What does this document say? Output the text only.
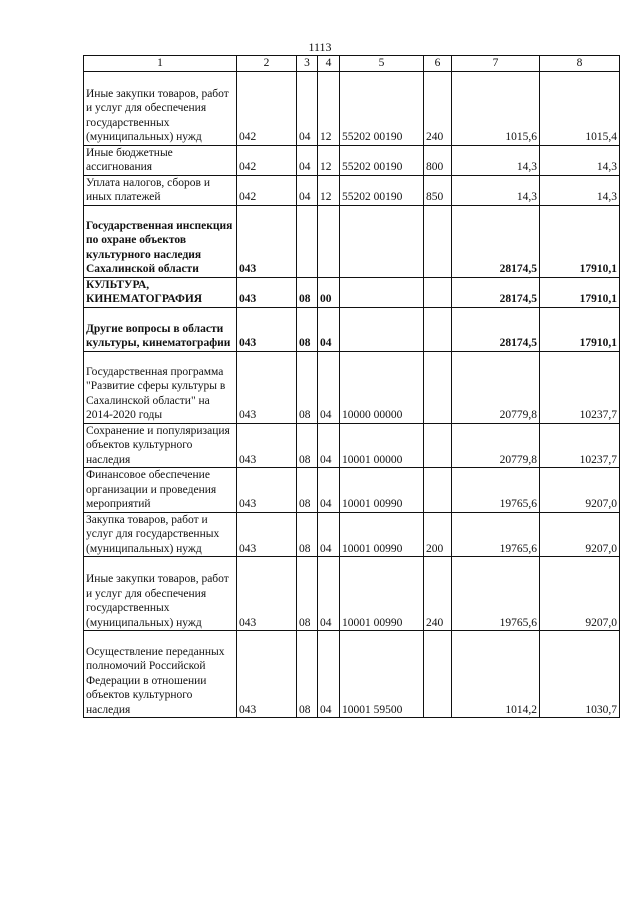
1113
1	2	3	4	5	6	7	8
Иные закупки товаров, работ и услуг для обеспечения государственных (муниципальных) нужд	042	04	12	55202 00190	240	1015,6	1015,4
Иные бюджетные ассигнования	042	04	12	55202 00190	800	14,3	14,3
Уплата налогов, сборов и иных платежей	042	04	12	55202 00190	850	14,3	14,3
Государственная инспекция по охране объектов культурного наследия Сахалинской области	043					28174,5	17910,1
КУЛЬТУРА, КИНЕМАТОГРАФИЯ	043	08	00			28174,5	17910,1
Другие вопросы в области культуры, кинематографии	043	08	04			28174,5	17910,1
Государственная программа "Развитие сферы культуры в Сахалинской области" на 2014-2020 годы	043	08	04	10000 00000		20779,8	10237,7
Сохранение и популяризация объектов культурного наследия	043	08	04	10001 00000		20779,8	10237,7
Финансовое обеспечение организации и проведения мероприятий	043	08	04	10001 00990		19765,6	9207,0
Закупка товаров, работ и услуг для государственных (муниципальных) нужд	043	08	04	10001 00990	200	19765,6	9207,0
Иные закупки товаров, работ и услуг для обеспечения государственных (муниципальных) нужд	043	08	04	10001 00990	240	19765,6	9207,0
Осуществление переданных полномочий Российской Федерации в отношении объектов культурного наследия	043	08	04	10001 59500		1014,2	1030,7
